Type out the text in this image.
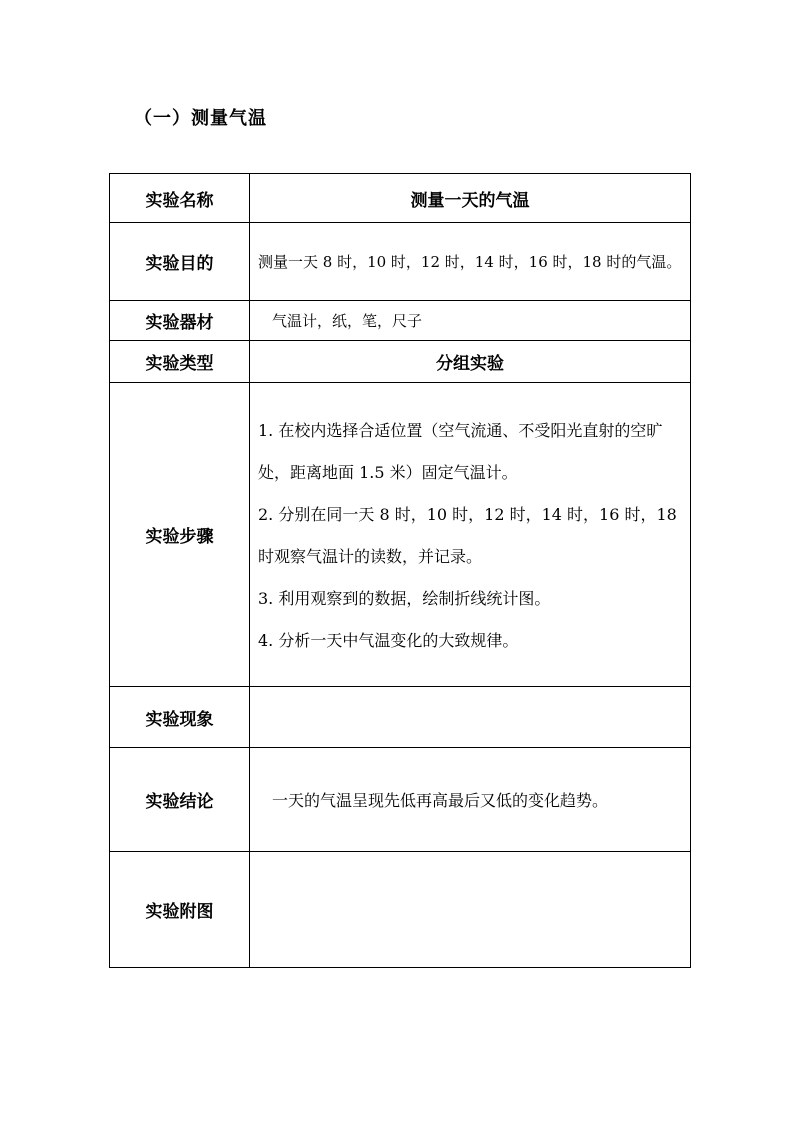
（一）测量气温
实验名称	测量一天的气温
实验目的	测量一天 8 时，10 时，12 时，14 时，16 时，18 时的气温。
实验器材	气温计，纸，笔，尺子
实验类型	分组实验
实验步骤	1. 在校内选择合适位置（空气流通、不受阳光直射的空旷处，距离地面 1.5 米）固定气温计。

2. 分别在同一天 8 时，10 时，12 时，14 时，16 时，18 时观察气温计的读数，并记录。

3. 利用观察到的数据，绘制折线统计图。

4. 分析一天中气温变化的大致规律。

实验现象	
实验结论	一天的气温呈现先低再高最后又低的变化趋势。

实验附图	
